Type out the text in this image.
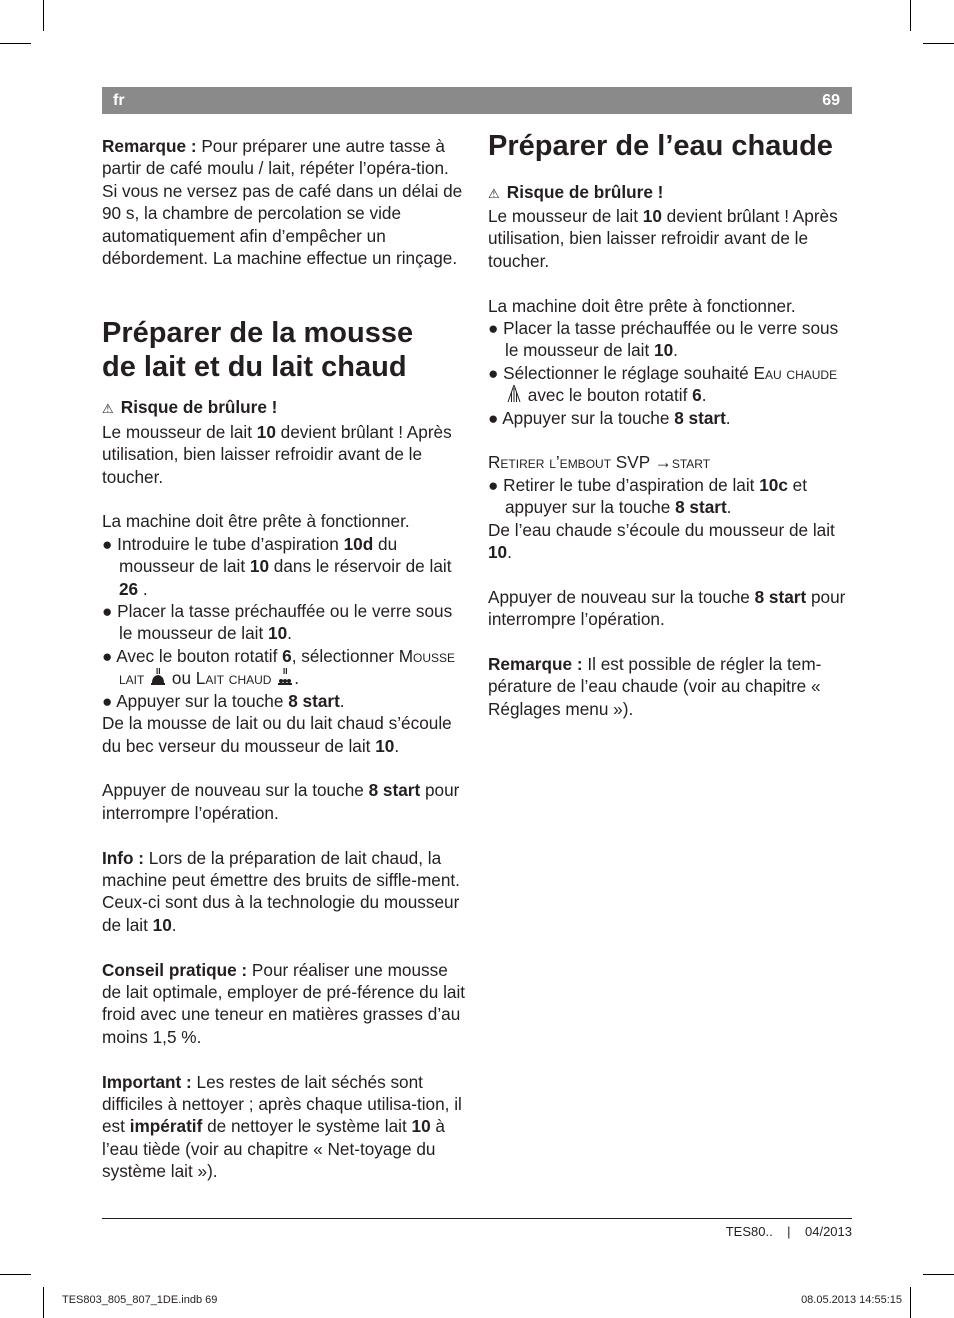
fr	69

Remarque : Pour préparer une autre tasse à partir de café moulu / lait, répéter l’opéra-tion. Si vous ne versez pas de café dans un délai de 90 s, la chambre de percolation se vide automatiquement afin d’empêcher un débordement. La machine effectue un rinçage.

Préparer de la mousse
de lait et du lait chaud

⚠ Risque de brûlure !

Le mousseur de lait 10 devient brûlant ! Après utilisation, bien laisser refroidir avant de le toucher.

La machine doit être prête à fonctionner.

● Introduire le tube d’aspiration 10d du mousseur de lait 10 dans le réservoir de lait 26 .

● Placer la tasse préchauffée ou le verre sous le mousseur de lait 10.

● Avec le bouton rotatif 6, sélectionner Mousse lait  ou Lait chaud .

● Appuyer sur la touche 8 start.

De la mousse de lait ou du lait chaud s’écoule du bec verseur du mousseur de lait 10.

Appuyer de nouveau sur la touche 8 start pour interrompre l’opération.

Info : Lors de la préparation de lait chaud, la machine peut émettre des bruits de siffle-ment. Ceux-ci sont dus à la technologie du mousseur de lait 10.

Conseil pratique : Pour réaliser une mousse de lait optimale, employer de pré-férence du lait froid avec une teneur en matières grasses d’au moins 1,5 %.

Important : Les restes de lait séchés sont difficiles à nettoyer ; après chaque utilisa-tion, il est impératif de nettoyer le système lait 10 à l’eau tiède (voir au chapitre « Net-toyage du système lait »).

Préparer de l’eau chaude

⚠ Risque de brûlure !

Le mousseur de lait 10 devient brûlant ! Après utilisation, bien laisser refroidir avant de le toucher.

La machine doit être prête à fonctionner.

● Placer la tasse préchauffée ou le verre sous le mousseur de lait 10.

● Sélectionner le réglage souhaité Eau chaude  avec le bouton rotatif 6.

● Appuyer sur la touche 8 start.

Retirer l’embout SVP →start

● Retirer le tube d’aspiration de lait 10c et appuyer sur la touche 8 start.

De l’eau chaude s’écoule du mousseur de lait 10.

Appuyer de nouveau sur la touche 8 start pour interrompre l’opération.

Remarque : Il est possible de régler la tem-pérature de l’eau chaude (voir au chapitre « Réglages menu »).

TES80.. | 04/2013
TES803_805_807_1DE.indb 69	08.05.2013 14:55:15
